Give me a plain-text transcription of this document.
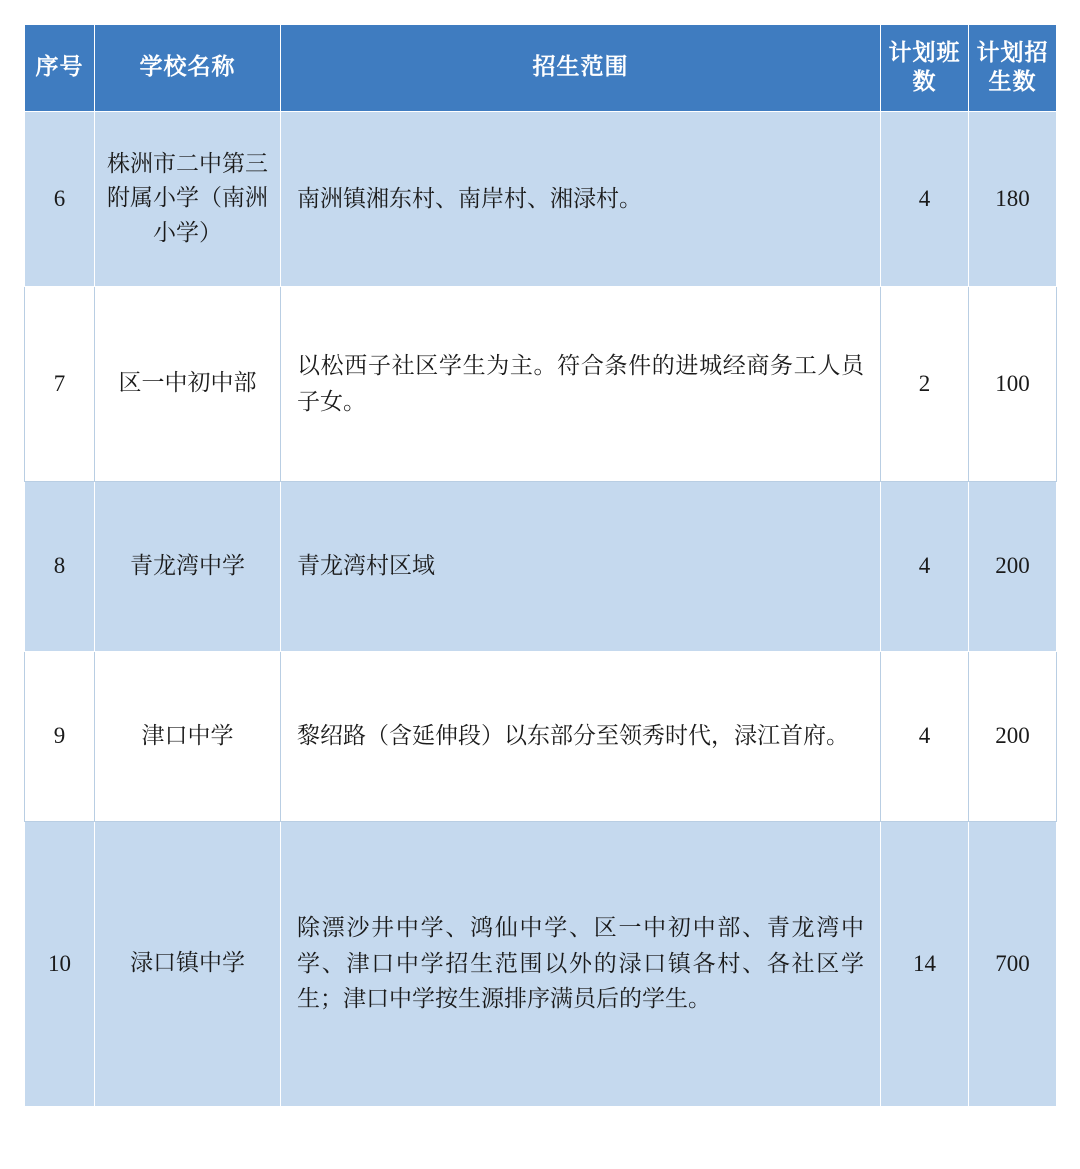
序号	学校名称	招生范围	计划班数	计划招生数
6	株洲市二中第三附属小学（南洲小学）	南洲镇湘东村、南岸村、湘渌村。	4	180
7	区一中初中部	以松西子社区学生为主。符合条件的进城经商务工人员子女。	2	100
8	青龙湾中学	青龙湾村区域	4	200
9	津口中学	黎绍路（含延伸段）以东部分至领秀时代，渌江首府。	4	200
10	渌口镇中学	除漂沙井中学、鸿仙中学、区一中初中部、青龙湾中学、津口中学招生范围以外的渌口镇各村、各社区学生；津口中学按生源排序满员后的学生。	14	700
